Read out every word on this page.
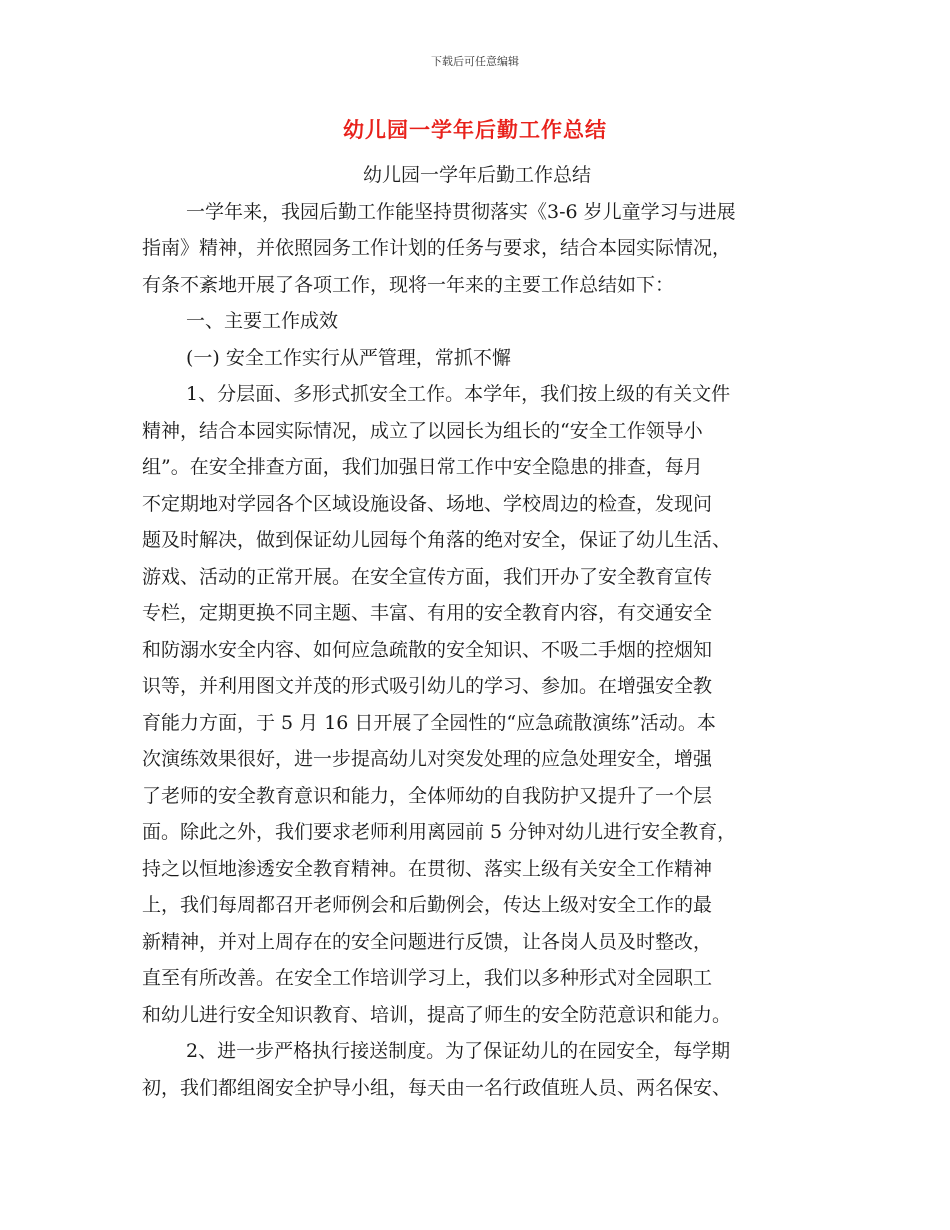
下载后可任意编辑
幼儿园一学年后勤工作总结
幼儿园一学年后勤工作总结
一学年来，我园后勤工作能坚持贯彻落实《3-6 岁儿童学习与进展
指南》精神，并依照园务工作计划的任务与要求，结合本园实际情况，
有条不紊地开展了各项工作，现将一年来的主要工作总结如下：
一、主要工作成效
(一) 安全工作实行从严管理，常抓不懈
1、分层面、多形式抓安全工作。本学年，我们按上级的有关文件
精神，结合本园实际情况，成立了以园长为组长的“安全工作领导小
组”。在安全排查方面，我们加强日常工作中安全隐患的排查，每月
不定期地对学园各个区域设施设备、场地、学校周边的检查，发现问
题及时解决，做到保证幼儿园每个角落的绝对安全，保证了幼儿生活、
游戏、活动的正常开展。在安全宣传方面，我们开办了安全教育宣传
专栏，定期更换不同主题、丰富、有用的安全教育内容，有交通安全
和防溺水安全内容、如何应急疏散的安全知识、不吸二手烟的控烟知
识等，并利用图文并茂的形式吸引幼儿的学习、参加。在增强安全教
育能力方面，于 5 月 16 日开展了全园性的“应急疏散演练”活动。本
次演练效果很好，进一步提高幼儿对突发处理的应急处理安全，增强
了老师的安全教育意识和能力，全体师幼的自我防护又提升了一个层
面。除此之外，我们要求老师利用离园前 5 分钟对幼儿进行安全教育，
持之以恒地渗透安全教育精神。在贯彻、落实上级有关安全工作精神
上，我们每周都召开老师例会和后勤例会，传达上级对安全工作的最
新精神，并对上周存在的安全问题进行反馈，让各岗人员及时整改，
直至有所改善。在安全工作培训学习上，我们以多种形式对全园职工
和幼儿进行安全知识教育、培训，提高了师生的安全防范意识和能力。
2、进一步严格执行接送制度。为了保证幼儿的在园安全，每学期
初，我们都组阁安全护导小组，每天由一名行政值班人员、两名保安、
